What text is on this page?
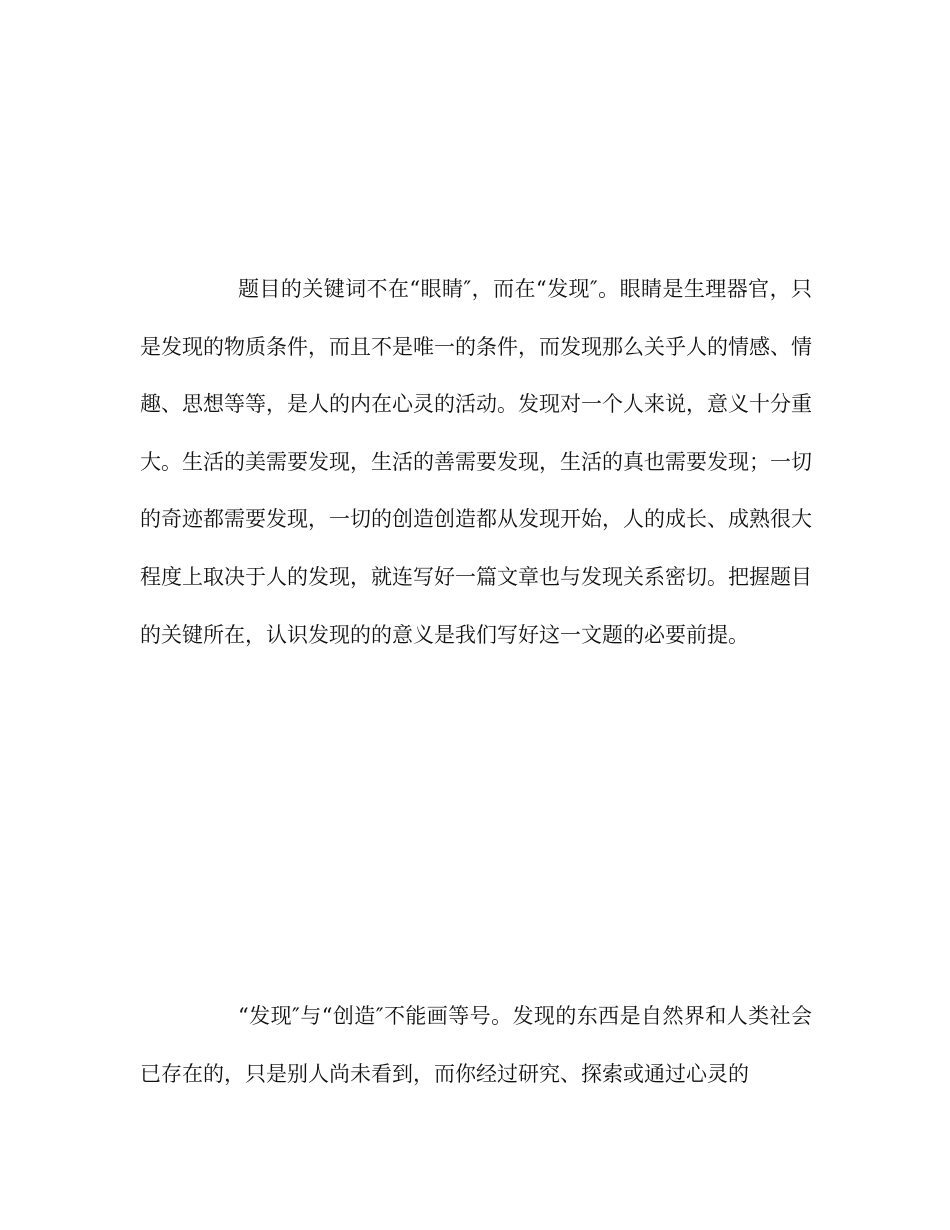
题目的关键词不在“眼睛″，而在“发现″。眼睛是生理器官，只是发现的物质条件，而且不是唯一的条件，而发现那么关乎人的情感、情趣、思想等等，是人的内在心灵的活动。发现对一个人来说，意义十分重大。生活的美需要发现，生活的善需要发现，生活的真也需要发现；一切的奇迹都需要发现，一切的创造创造都从发现开始，人的成长、成熟很大程度上取决于人的发现，就连写好一篇文章也与发现关系密切。把握题目的关键所在，认识发现的的意义是我们写好这一文题的必要前提。

“发现″与“创造″不能画等号。发现的东西是自然界和人类社会已存在的，只是别人尚未看到，而你经过研究、探索或通过心灵的
